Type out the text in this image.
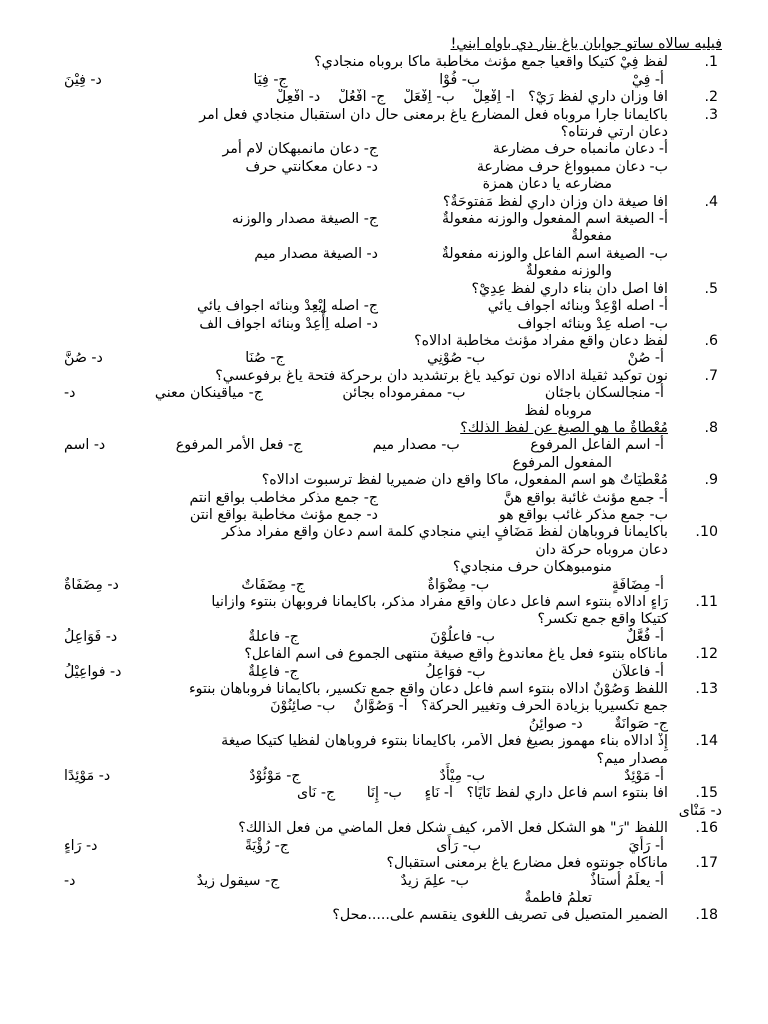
فيليه سالاه ساتو جوابان ياغ بنار دي باواه ايني!
1.
لفظ فِيْ كتيكا واقعيا جمع مؤنث مخاطبة ماكا بروباه منجادي؟
أ- فِيْ
ب- فُوْا
ج- فِيَا
د- فِيْنَ
2.
افا وزان داري لفظ رَيْ؟   أ- اِفْعِلْ    ب- اِفْعَلْ    ج- اُفْعُلْ    د- اُفْعِلْ
3.
باكايمانا جارا مروباه فعل المضارع ياغ برمعنى حال دان استقبال منجادي فعل امر
دعان ارتي فرنتاه؟
أ- دعان مانمباه حرف مضارعة
ج- دعان مانمبهكان لام أمر
ب- دعان ممبوواغ حرف مضارعة
د- دعان معكانتي حرف
مضارعه يا دعان همزة
4.
افا صيغة دان وزان داري لفظ مَفتوحَةٌ؟
أ- الصيغة اسم المفعول والوزنه مفعولةٌ
ج- الصيغة مصدار والوزنه
مفعولةٌ
ب- الصيغة اسم الفاعل والوزنه مفعولةٌ
د- الصيغة مصدار ميم
والوزنه مفعولةٌ
5.
افا اصل دان بناء داري لفظ عِدِيْ؟
أ- اصله اوْعِدْ وبنائه اجواف يائي
ج- اصله اِيْعِدْ وبنائه اجواف يائي
ب- اصله عِدْ وبنائه اجواف
د- اصله اِأْعِدْ وبنائه اجواف الف
6.
لفظ دعان واقع مفراد مؤنث مخاطبة ادالاه؟
أ- صُنْ
ب- صُوْنِي
ج- صُنَا
د- صُنَّ
7.
نون توكيد ثقيلة ادالاه نون توكيد ياغ برتشديد دان برحركة فتحة ياغ برفوعسي؟
أ- منجالسكان باجئان
ب- ممفرموداه بجائن
ج- مياقينكان معني
د-
مروباه لفظ
8.
مُعْطَاةٌ ما هو الصيغ عن لفظ الذلك؟
أ- اسم الفاعل المرفوع
ب- مصدار ميم
ج- فعل الأمر المرفوع
د- اسم
المفعول المرفوع
9.
مُعْطَيَاتٌ هو اسم المفعول، ماكا واقع دان ضميريا لفظ ترسبوت ادالاه؟
أ- جمع مؤنث غائبة بواقع هنَّ
ج- جمع مذكر مخاطب بواقع انتم
ب- جمع مذكر غائب بواقع هو
د- جمع مؤنث مخاطبة بواقع انتن
10.
باكايمانا فروباهان لفظ مَضَافٍ ايني منجادي كلمة اسم دعان واقع مفراد مذكر
دعان مروباه حركة دان
منومبوهكان حرف منجادي؟
أ- مِضَافَةٍ
ب- مِضْوَاةٌ
ج- مِضَفَاتٌ
د- مِضَفَاةٌ
11.
رَاءٍ ادالاه بنتوء اسم فاعل دعان واقع مفراد مذكر، باكايمانا فروبهان بنتوء وازانيا
كتيكا واقع جمع تكسر؟
أ- فُعَّلٌ
ب- فاعلُوْنَ
ج- فاعلةٌ
د- فَوَاعِلُ
12.
ماناكاه بنتوء فعل ياغ معاندوغ واقع صيغة منتهى الجموع فى اسم الفاعل؟
أ- فاعلاَن
ب- فوَاعِلُ
ج- فاعِلةٌ
د- فواعِيْلُ
13.
اللفظ وَصُوْنٌ ادالاه بنتوء اسم فاعل دعان واقع جمع تكسير، باكايمانا فروباهان بنتوء
جمع تكسيريا بزيادة الحرف وتغيير الحركة؟   أ- وَصُوَّانٌ    ب- صائِنُوْنَ
ج- صَوانَةٌ       د- صوائِنُ
14.
إِذْ ادالاه بناء مهموز بصيغ فعل الأمر، باكايمانا بنتوء فروباهان لفظيا كتيكا صيغة
مصدار ميم؟
أ- مَوْئِدٌ
ب- مِيْأَدٌ
ج- مَوْئُوْدٌ
د- مَوْئِدًا
15.
افا بنتوء اسم فاعل داري لفظ نَأْيًا؟   أ- نَاءٍ     ب- إِنَأً       ج- نَأَى
د- مَنْأَى
16.
اللفظ "رَ" هو الشكل فعل الأمر، كيف شكل فعل الماضي من فعل الذالك؟
أ- رَأيَ
ب- رَأَى
ج- رُؤْيَةً
د- رَاءٍ
17.
ماناكاه جونتوه فعل مضارع ياغ برمعنى استقبال؟
أ- يعلَمُ أستاذٌ
ب- علِمَ زيدٌ
ج- سيقول زيدٌ
د-
تعلَمُ فاطمةٌ
18.
الضمير المتصيل فى تصريف اللغوى ينقسم على.....محل؟
